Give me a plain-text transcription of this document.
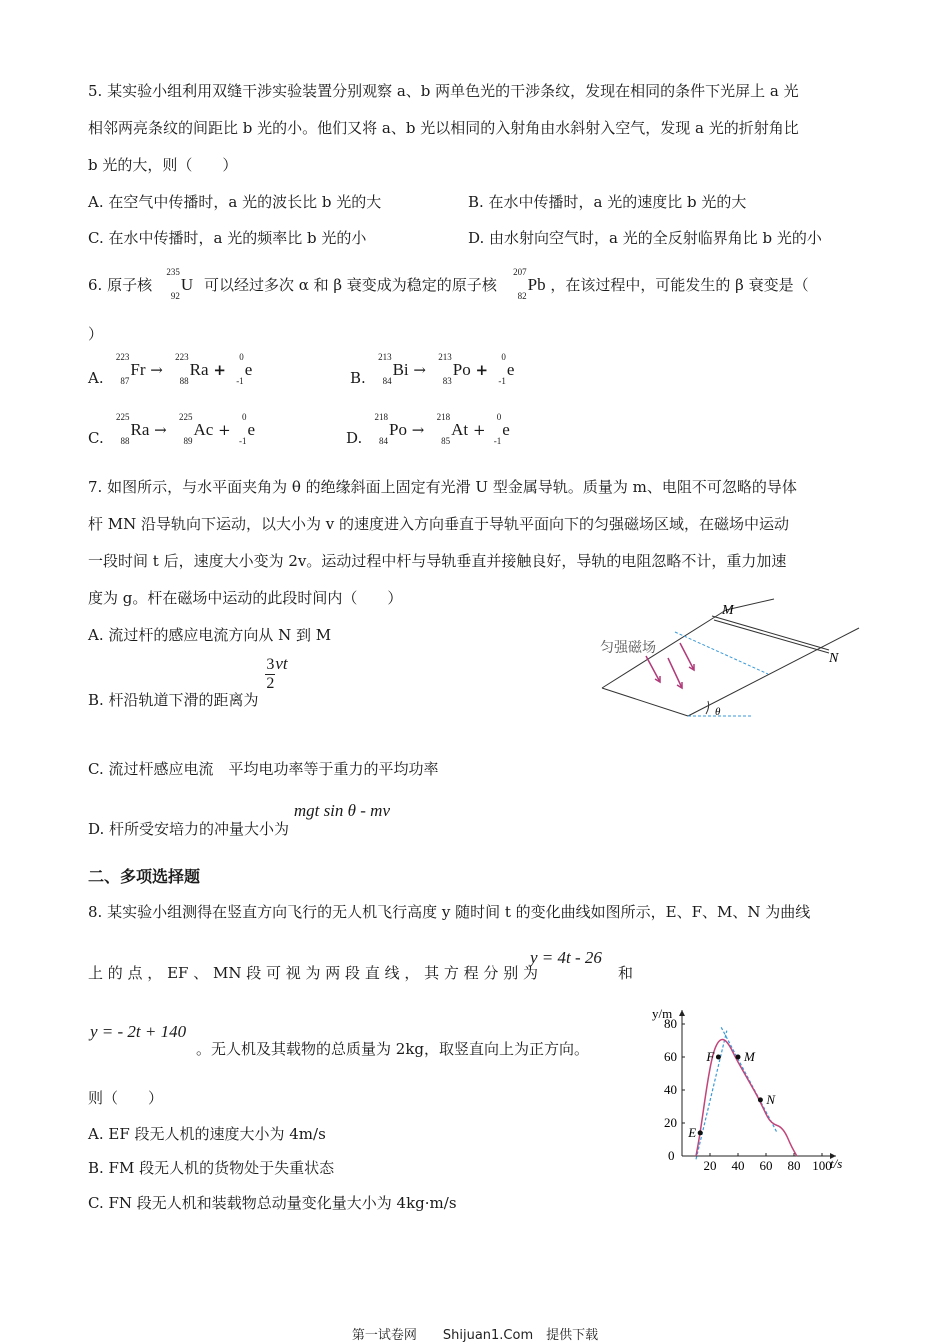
5. 某实验小组利用双缝干涉实验装置分别观察 a、b 两单色光的干涉条纹，发现在相同的条件下光屏上 a 光
相邻两亮条纹的间距比 b 光的小。他们又将 a、b 光以相同的入射角由水斜射入空气，发现 a 光的折射角比
b 光的大，则（　　）
A. 在空气中传播时，a 光的波长比 b 光的大	B. 在水中传播时，a 光的速度比 b 光的大
C. 在水中传播时，a 光的频率比 b 光的小	D. 由水射向空气时，a 光的全反射临界角比 b 光的小
6. 原子核
235
92
U 可以经过多次 α 和 β 衰变成为稳定的原子核
207
82
Pb ，在该过程中，可能发生的 β 衰变是（
）
A.
223
87
Fr →
223
88
Ra +
0
-1
e	B.
213
84
Bi →
213
83
Po +
0
-1
e
C.
225
88
Ra →
225
89
Ac +
0
-1
e	D.
218
84
Po →
218
85
At +
0
-1
e
7. 如图所示，与水平面夹角为 θ 的绝缘斜面上固定有光滑 U 型金属导轨。质量为 m、电阻不可忽略的导体
杆 MN 沿导轨向下运动，以大小为 v 的速度进入方向垂直于导轨平面向下的匀强磁场区域，在磁场中运动
一段时间 t 后，速度大小变为 2v。运动过程中杆与导轨垂直并接触良好，导轨的电阻忽略不计，重力加速
度为 g。杆在磁场中运动的此段时间内（　　）
A. 流过杆的感应电流方向从 N 到 M
B. 杆沿轨道下滑的距离为
$\frac{3}{2}$ vt
C. 流过杆感应电流　平均电功率等于重力的平均功率
D. 杆所受安培力的冲量大小为 mgt sin θ - mv
M
N
匀强磁场
θ
二、多项选择题
8. 某实验小组测得在竖直方向飞行的无人机飞行高度 y 随时间 t 的变化曲线如图所示，E、F、M、N 为曲线
上 的 点 ， EF 、 MN 段 可 视 为 两 段 直 线 ， 其 方 程 分 别 为
y = 4t - 26
和
y = - 2t + 140
。无人机及其载物的总质量为 2kg，取竖直向上为正方向。
则（　　）
A. EF 段无人机的速度大小为 4m/s
B. FM 段无人机的货物处于失重状态
C. FN 段无人机和装载物总动量变化量大小为 4kg·m/s
t/s
y/m
0
20 40 60 80 100
20
40
60
80
E
F M
N
第一试卷网　　Shijuan1.Com　提供下载
